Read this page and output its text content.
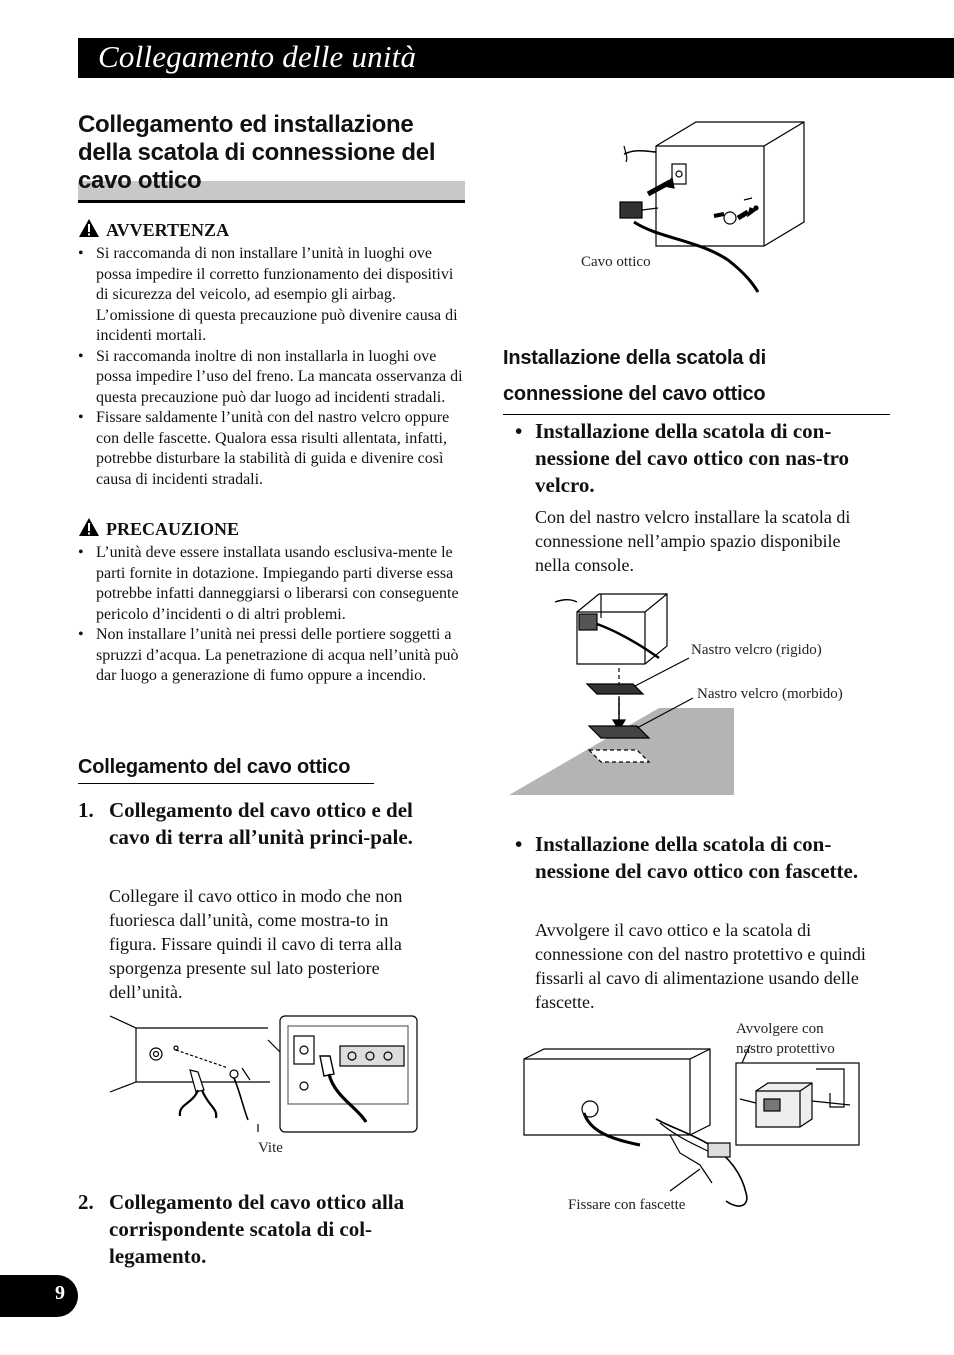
Collegamento delle unità
Collegamento ed installazione della scatola di connessione del cavo ottico
AVVERTENZA
• Si raccomanda di non installare l’unità in luoghi ove possa impedire il corretto funzionamento dei dispositivi di sicurezza del veicolo, ad esempio gli airbag. L’omissione di questa precauzione può divenire causa di incidenti mortali.
• Si raccomanda inoltre di non installarla in luoghi ove possa impedire l’uso del freno. La mancata osservanza di questa precauzione può dar luogo ad incidenti stradali.
• Fissare saldamente l’unità con del nastro velcro oppure con delle fascette. Qualora essa risulti allentata, infatti, potrebbe disturbare la stabilità di guida e divenire così causa di incidenti stradali.
PRECAUZIONE
• L’unità deve essere installata usando esclusiva-mente le parti fornite in dotazione. Impiegando parti diverse essa potrebbe infatti danneggiarsi o liberarsi con conseguente pericolo d’incidenti o di altri problemi.
• Non installare l’unità nei pressi delle portiere soggetti a spruzzi d’acqua. La penetrazione di acqua nell’unità può dar luogo a generazione di fumo oppure a incendio.
Collegamento del cavo ottico
1. Collegamento del cavo ottico e del cavo di terra all’unità princi-pale.
Collegare il cavo ottico in modo che non fuoriesca dall’unità, come mostra-to in figura. Fissare quindi il cavo di terra alla sporgenza presente sul lato posteriore dell’unità.
Vite
2. Collegamento del cavo ottico alla corrispondente scatola di col-legamento.
Cavo ottico
Installazione della scatola di connessione del cavo ottico
• Installazione della scatola di con-nessione del cavo ottico con nas-tro velcro.
Con del nastro velcro installare la scatola di connessione nell’ampio spazio disponibile nella console.
Nastro velcro (rigido)
Nastro velcro (morbido)
• Installazione della scatola di con-nessione del cavo ottico con fascette.
Avvolgere il cavo ottico e la scatola di connessione con del nastro protettivo e quindi fissarli al cavo di alimentazione usando delle fascette.
Avvolgere con nastro protettivo
Fissare con fascette
9
